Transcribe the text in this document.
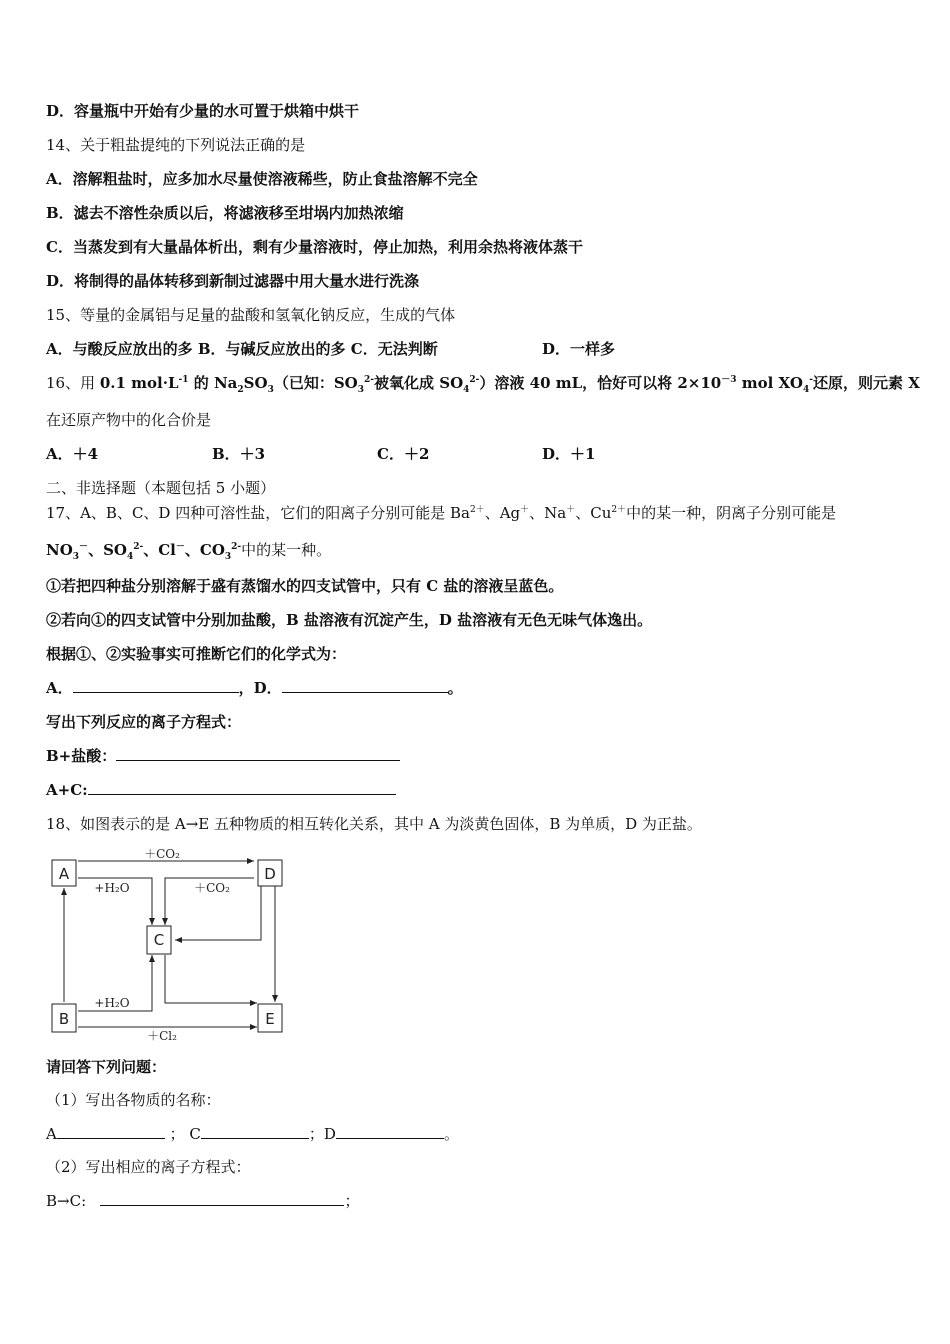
D．容量瓶中开始有少量的水可置于烘箱中烘干
14、关于粗盐提纯的下列说法正确的是
A．溶解粗盐时，应多加水尽量使溶液稀些，防止食盐溶解不完全
B．滤去不溶性杂质以后，将滤液移至坩埚内加热浓缩
C．当蒸发到有大量晶体析出，剩有少量溶液时，停止加热，利用余热将液体蒸干
D．将制得的晶体转移到新制过滤器中用大量水进行洗涤
15、等量的金属铝与足量的盐酸和氢氧化钠反应，生成的气体
A．与酸反应放出的多 B．与碱反应放出的多 C．无法判断	D．一样多
16、用 0.1 $mol\cdot L^{-1}$ 的 $Na_2SO_3$（已知：$SO_3^{2-}$被氧化成 $SO_4^{2-}$）溶液 40 mL，恰好可以将 $2\times 10^{-3}$ mol $XO_4^-$还原，则元素 X
在还原产物中的化合价是
A．＋4	B．＋3	C．＋2	D．＋1
二、非选择题（本题包括 5 小题）
17、A、B、C、D 四种可溶性盐，它们的阳离子分别可能是 $Ba^{2+}$、Ag＋、Na＋、$Cu^{2+}$中的某一种，阴离子分别可能是
$NO_3^-$、$SO_4^{2-}$、Cl－、$CO_3^{2-}$中的某一种。
①若把四种盐分别溶解于盛有蒸馏水的四支试管中，只有 C 盐的溶液呈蓝色。
②若向①的四支试管中分别加盐酸，B 盐溶液有沉淀产生，D 盐溶液有无色无味气体逸出。
根据①、②实验事实可推断它们的化学式为：
A．	，D．	。
写出下列反应的离子方程式：
B+盐酸：
A+C:
18、如图表示的是 A→E 五种物质的相互转化关系，其中 A 为淡黄色固体，B 为单质，D 为正盐。
A	D
C
B	E
＋CO₂
+H₂O	＋CO₂
+H₂O
＋Cl₂
请回答下列问题：
（1）写出各物质的名称：
A	； C	；D	。
（2）写出相应的离子方程式：
B→C:	；
